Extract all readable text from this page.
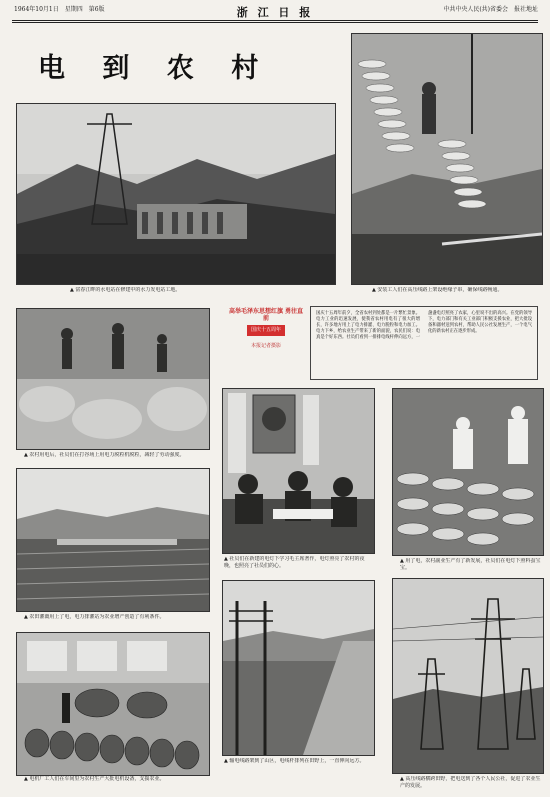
1964年10月1日　星期四　第6版	浙 江 日 报	中共中央人民(共)省委会　报社地址
电 到 农 村
▲ 富春江畔的水电站在修建中的水力发电站工地。	▲ 安装工人们在高压线路上架设绝缘子串，确保线路畅通。
高举毛泽东思想红旗 勇往直前
国庆十五周年
本报记者摄影
国庆十五周年前夕，全省农村到处都是一片繁忙景象。电力工业的迅速发展，使我省农村用电有了很大的增长，许多地方用上了电力排灌、电力脱粒和电力加工。电力下乡，给农业生产带来了新的面貌，农民们说：电真是个好东西。社员们看到一排排电线杆伸向远方，一盏盏电灯照亮了农家，心里说不出的高兴。在党的领导下，电力部门和有关工业部门积极支援农业，把大批设备和器材送到农村，帮助人民公社发展生产，一个电气化的新农村正在逐步形成。
▲ 农村用电后，社员们在打谷场上用电力脱粒机脱粒，减轻了劳动强度。
▲ 社员们在新建的电灯下学习毛主席著作，电灯照亮了农村的夜晚，也照亮了社员们的心。
▲ 用了电，农村副业生产有了新发展，社员们在电灯下照料蚕宝宝。
▲ 农田灌溉用上了电，电力排灌站为农业增产创造了有利条件。
▲ 电机厂工人们在车间里为农村生产大批电机设备，支援农业。
▲ 输电线路架到了山区，电线杆排列在田野上，一直伸向远方。
▲ 高压线路横跨田野，把电送到了各个人民公社，促进了农业生产的发展。
